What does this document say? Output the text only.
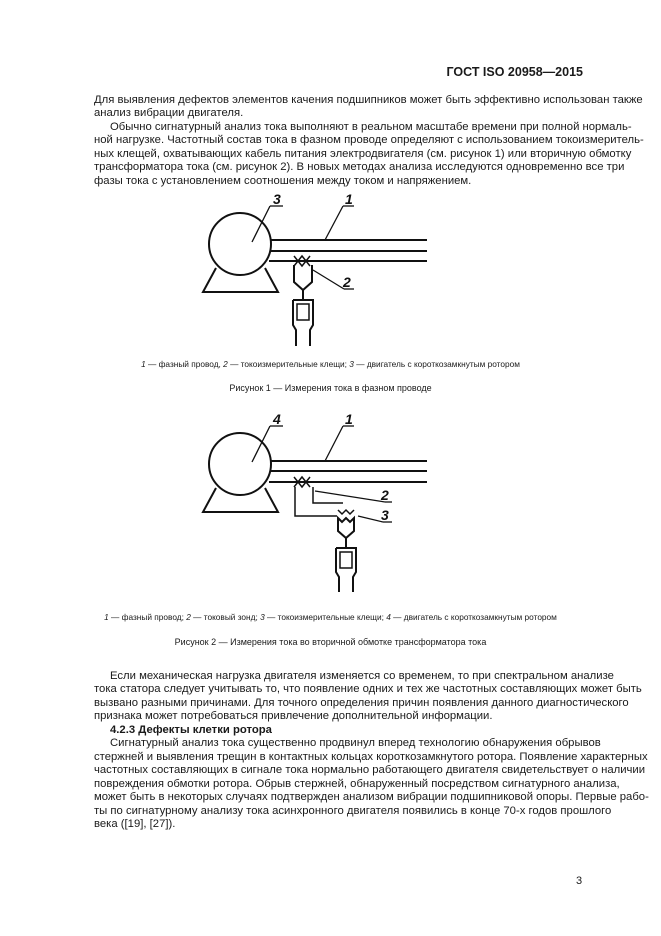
ГОСТ ISO 20958—2015
Для выявления дефектов элементов качения подшипников может быть эффективно использован также
анализ вибрации двигателя.
Обычно сигнатурный анализ тока выполняют в реальном масштабе времени при полной нормаль-
ной нагрузке. Частотный состав тока в фазном проводе определяют с использованием токоизмеритель-
ных клещей, охватывающих кабель питания электродвигателя (см. рисунок 1) или вторичную обмотку
трансформатора тока (см. рисунок 2). В новых методах анализа исследуются одновременно все три
фазы тока с установлением соотношения между током и напряжением.
3	1
2
4	1
2
3
1 — фазный провод, 2 — токоизмерительные клещи; 3 — двигатель с короткозамкнутым ротором
Рисунок 1 — Измерения тока в фазном проводе
1 — фазный провод; 2 — токовый зонд; 3 — токоизмерительные клещи; 4 — двигатель с короткозамкнутым ротором
Рисунок 2 — Измерения тока во вторичной обмотке трансформатора тока
Если механическая нагрузка двигателя изменяется со временем, то при спектральном анализе
тока статора следует учитывать то, что появление одних и тех же частотных составляющих может быть
вызвано разными причинами. Для точного определения причин появления данного диагностического
признака может потребоваться привлечение дополнительной информации.
4.2.3 Дефекты клетки ротора
Сигнатурный анализ тока существенно продвинул вперед технологию обнаружения обрывов
стержней и выявления трещин в контактных кольцах короткозамкнутого ротора. Появление характерных
частотных составляющих в сигнале тока нормально работающего двигателя свидетельствует о наличии
повреждения обмотки ротора. Обрыв стержней, обнаруженный посредством сигнатурного анализа,
может быть в некоторых случаях подтвержден анализом вибрации подшипниковой опоры. Первые рабо-
ты по сигнатурному анализу тока асинхронного двигателя появились в конце 70-х годов прошлого
века ([19], [27]).
3
